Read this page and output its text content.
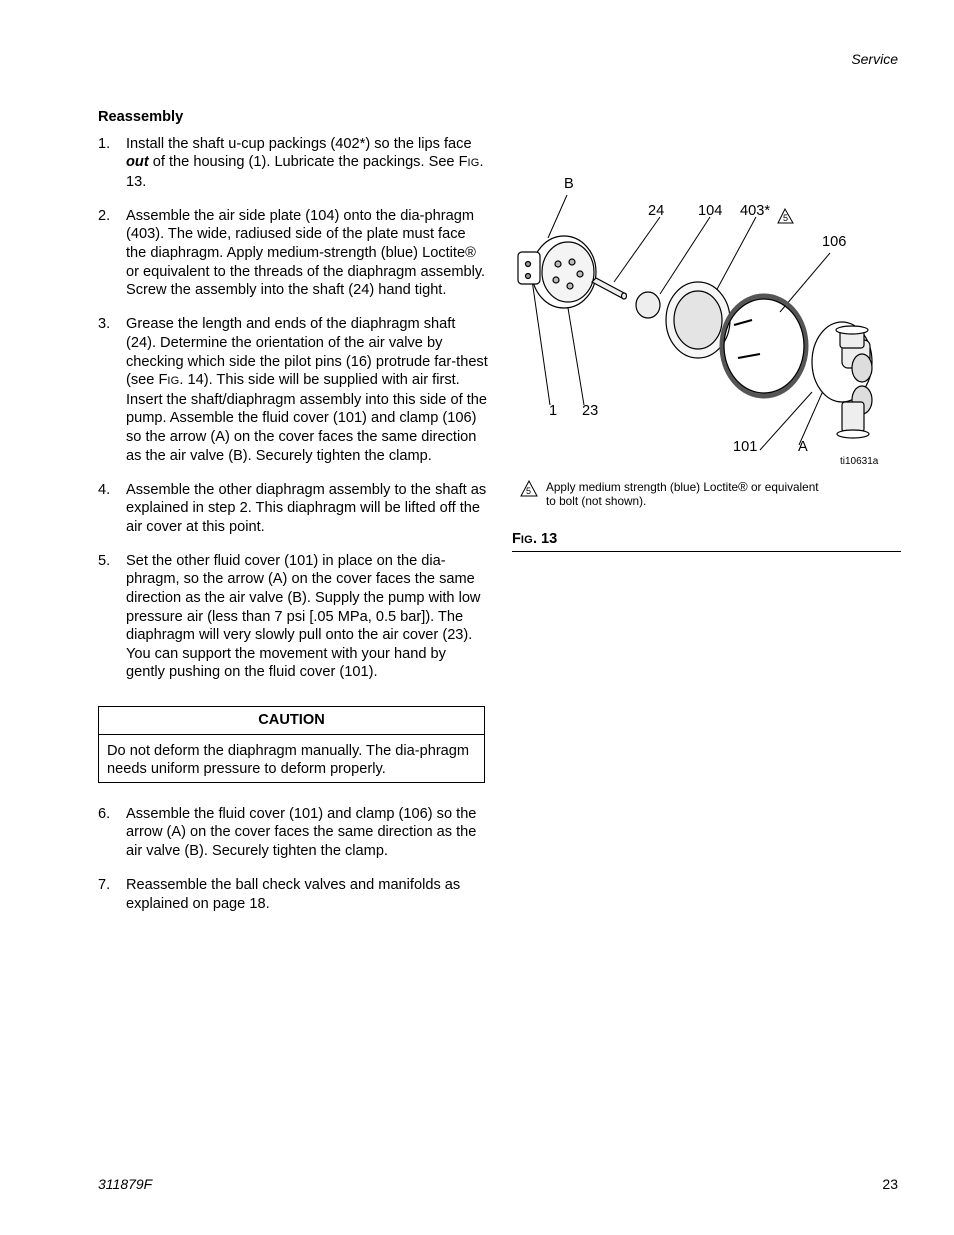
Service
Reassembly
1. Install the shaft u-cup packings (402*) so the lips face out of the housing (1). Lubricate the packings. See FIG. 13.
2. Assemble the air side plate (104) onto the dia-phragm (403). The wide, radiused side of the plate must face the diaphragm. Apply medium-strength (blue) Loctite® or equivalent to the threads of the diaphragm assembly. Screw the assembly into the shaft (24) hand tight.
3. Grease the length and ends of the diaphragm shaft (24). Determine the orientation of the air valve by checking which side the pilot pins (16) protrude far-thest (see FIG. 14). This side will be supplied with air first. Insert the shaft/diaphragm assembly into this side of the pump. Assemble the fluid cover (101) and clamp (106) so the arrow (A) on the cover faces the same direction as the air valve (B). Securely tighten the clamp.
4. Assemble the other diaphragm assembly to the shaft as explained in step 2. This diaphragm will be lifted off the air cover at this point.
5. Set the other fluid cover (101) in place on the dia-phragm, so the arrow (A) on the cover faces the same direction as the air valve (B). Supply the pump with low pressure air (less than 7 psi [.05 MPa, 0.5 bar]). The diaphragm will very slowly pull onto the air cover (23). You can support the movement with your hand by gently pushing on the fluid cover (101).
CAUTION
Do not deform the diaphragm manually. The dia-phragm needs uniform pressure to deform properly.
6. Assemble the fluid cover (101) and clamp (106) so the arrow (A) on the cover faces the same direction as the air valve (B). Securely tighten the clamp.
7. Reassemble the ball check valves and manifolds as explained on page 18.
5
B
24 104 403*
106
1 23
101	A
ti10631a
5 Apply medium strength (blue) Loctite® or equivalent to bolt (not shown).
FIG. 13
311879F	23
